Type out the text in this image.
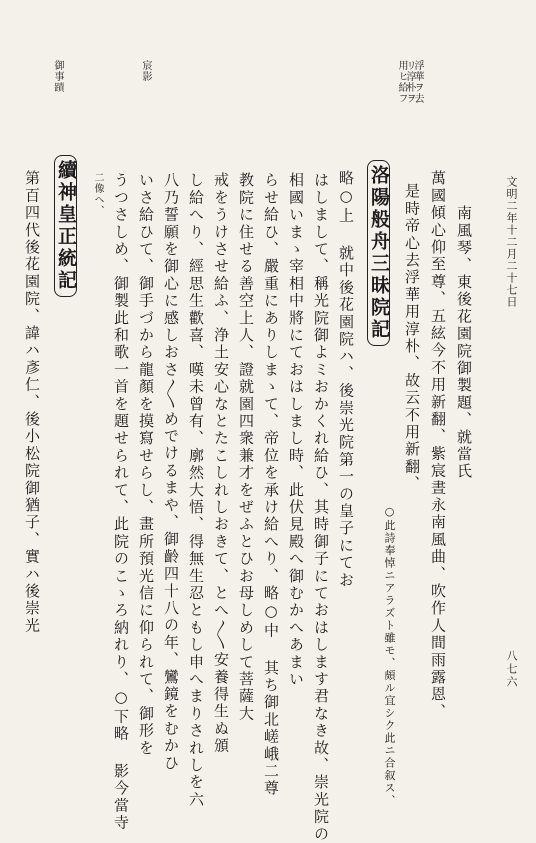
文明二年十二月二十七日
八七六
浮華ヲ去
リ淳朴ヲ
用ヒ給フ
宸影
御事蹟
南風琴、東後花園院御製題、就當氏
萬國傾心仰至尊、五絃今不用新翻、紫宸晝永南風曲、吹作人間雨露恩、
是時帝心去浮華用淳朴、故云不用新翻、
○此詩奉悼ニアラズト雖モ、頗ル宜シク此ニ合叙ス、
洛陽般舟三昧院記
略○上 就中後花園院ハ、後崇光院第一の皇子にてお
はしまして、稱光院御よミおかくれ給ひ、其時御子にておはします君なき故、崇光院の
相國いまゝ宰相中將にておはしまし時、此伏見殿へ御むかへあまい
らせ給ひ、嚴重にありしまゝて、帝位を承け給へり、略○中 其ち御北嵯峨二尊
教院に住せる善空上人、證就園四衆兼才をぜふとひお母しめして菩薩大
戒をうけさせ給ふ、浄土安心なとたこしれしおきて、とへ〳〵安養得生ぬ頒
し給へり、經思生歡喜、嘆未曾有、廓然大悟、得無生忍ともし申へまりされしを六
八乃誓願を御心に感しおさ〳〵めでけるまや、御齡四十八の年、鸞鏡をむかひ
いさ給ひて、御手づから龍顏を摸寫せらし、畫所預光信に仰られて、御形を
うつさしめ、御製此和歌一首を題せられて、此院のこゝろ納れり、○下略 影今當寺
二像へ、
續神皇正統記
第百四代後花園院、諱ハ彥仁、後小松院御猶子、實ハ後崇光
